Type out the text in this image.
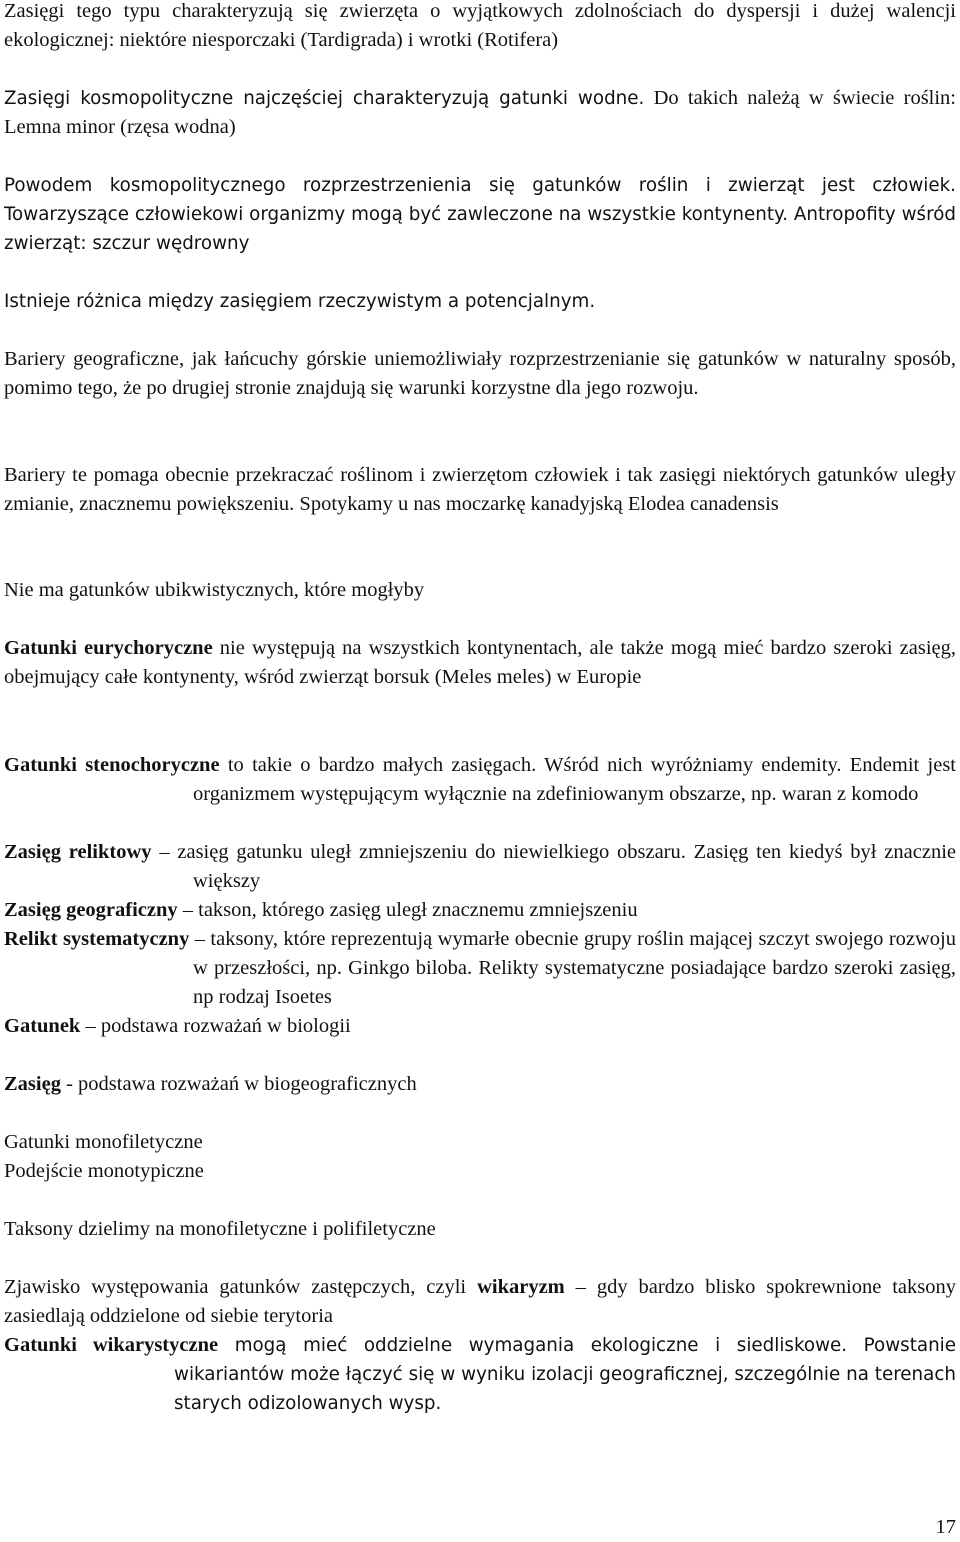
Zasięgi tego typu charakteryzują się zwierzęta o wyjątkowych zdolnościach do dyspersji i dużej walencji ekologicznej: niektóre niesporczaki (Tardigrada) i wrotki (Rotifera)

Zasięgi kosmopolityczne najczęściej charakteryzują gatunki wodne. Do takich należą w świecie roślin: Lemna minor (rzęsa wodna)

Powodem kosmopolitycznego rozprzestrzenienia się gatunków roślin i zwierząt jest człowiek. Towarzyszące człowiekowi organizmy mogą być zawleczone na wszystkie kontynenty. Antropofity wśród zwierząt: szczur wędrowny

Istnieje różnica między zasięgiem rzeczywistym a potencjalnym.

Bariery geograficzne, jak łańcuchy górskie uniemożliwiały rozprzestrzenianie się gatunków w naturalny sposób, pomimo tego, że po drugiej stronie znajdują się warunki korzystne dla jego rozwoju.

Bariery te pomaga obecnie przekraczać roślinom i zwierzętom człowiek i tak zasięgi niektórych gatunków uległy zmianie, znacznemu powiększeniu. Spotykamy u nas moczarkę kanadyjską Elodea canadensis

Nie ma gatunków ubikwistycznych, które mogłyby

Gatunki eurychoryczne nie występują na wszystkich kontynentach, ale także mogą mieć bardzo szeroki zasięg, obejmujący całe kontynenty, wśród zwierząt borsuk (Meles meles) w Europie

Gatunki stenochoryczne to takie o bardzo małych zasięgach. Wśród nich wyróżniamy endemity. Endemit jest organizmem występującym wyłącznie na zdefiniowanym obszarze, np. waran z komodo

Zasięg reliktowy – zasięg gatunku uległ zmniejszeniu do niewielkiego obszaru. Zasięg ten kiedyś był znacznie większy

Zasięg geograficzny – takson, którego zasięg uległ znacznemu zmniejszeniu

Relikt systematyczny – taksony, które reprezentują wymarłe obecnie grupy roślin mającej szczyt swojego rozwoju w przeszłości, np. Ginkgo biloba. Relikty systematyczne posiadające bardzo szeroki zasięg, np rodzaj Isoetes

Gatunek – podstawa rozważań w biologii

Zasięg - podstawa rozważań w biogeograficznych

Gatunki monofiletyczne

Podejście monotypiczne

Taksony dzielimy na monofiletyczne i polifiletyczne

Zjawisko występowania gatunków zastępczych, czyli wikaryzm – gdy bardzo blisko spokrewnione taksony zasiedlają oddzielone od siebie terytoria

Gatunki wikarystyczne mogą mieć oddzielne wymagania ekologiczne i siedliskowe. Powstanie wikariantów może łączyć się w wyniku izolacji geograficznej, szczególnie na terenach starych odizolowanych wysp.

17
